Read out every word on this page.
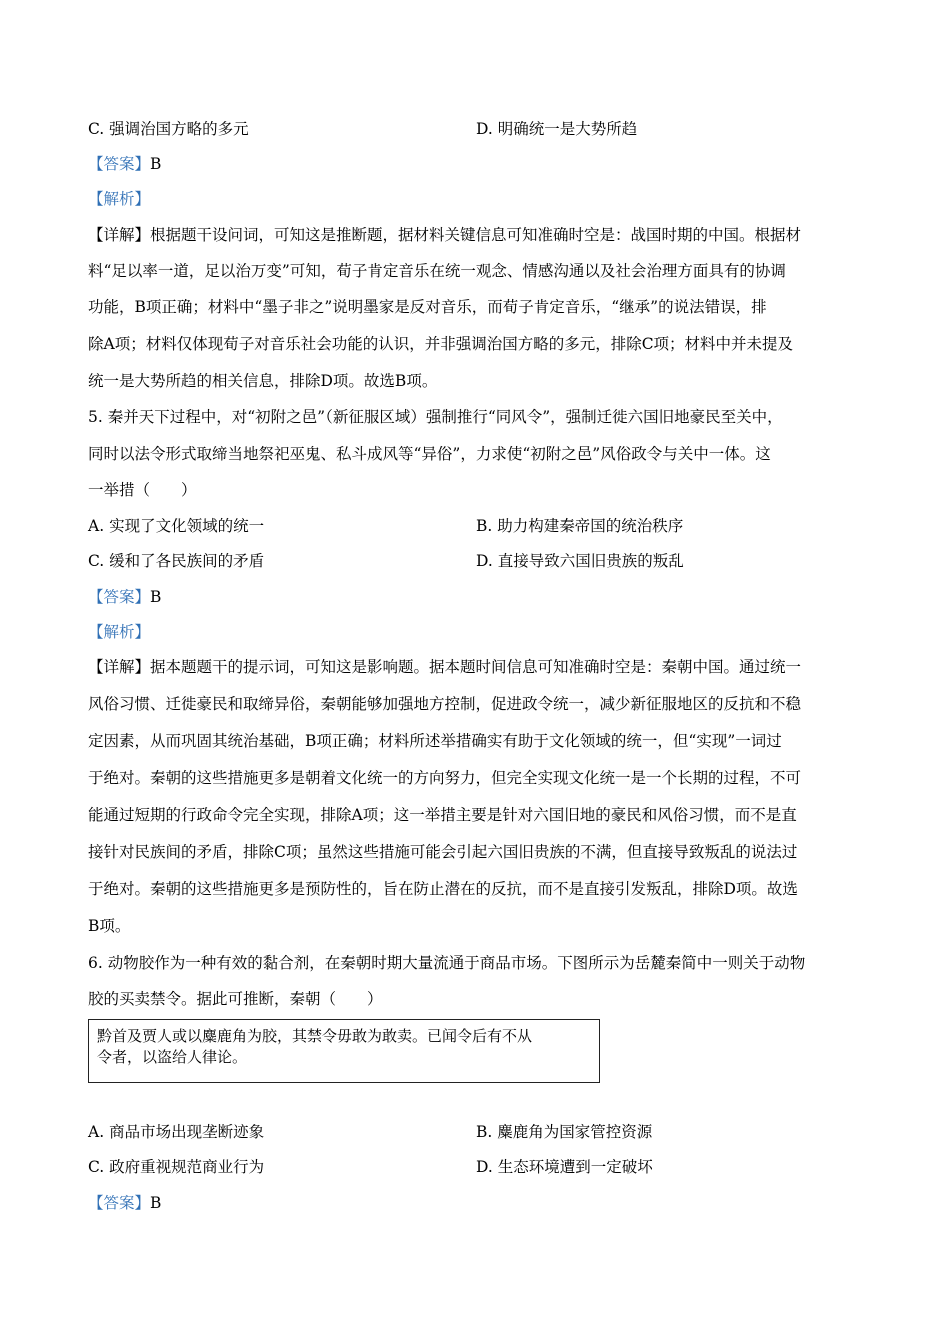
C. 强调治国方略的多元	D. 明确统一是大势所趋
【答案】B
【解析】
【详解】根据题干设问词，可知这是推断题，据材料关键信息可知准确时空是：战国时期的中国。根据材
料“足以率一道，足以治万变”可知，荀子肯定音乐在统一观念、情感沟通以及社会治理方面具有的协调
功能，B项正确；材料中“墨子非之”说明墨家是反对音乐，而荀子肯定音乐，“继承”的说法错误，排
除A项；材料仅体现荀子对音乐社会功能的认识，并非强调治国方略的多元，排除C项；材料中并未提及
统一是大势所趋的相关信息，排除D项。故选B项。
5. 秦并天下过程中，对“初附之邑”（新征服区域）强制推行“同风令”，强制迁徙六国旧地豪民至关中，
同时以法令形式取缔当地祭祀巫鬼、私斗成风等“异俗”，力求使“初附之邑”风俗政令与关中一体。这
一举措（　　）
A. 实现了文化领域的统一	B. 助力构建秦帝国的统治秩序
C. 缓和了各民族间的矛盾	D. 直接导致六国旧贵族的叛乱
【答案】B
【解析】
【详解】据本题题干的提示词，可知这是影响题。据本题时间信息可知准确时空是：秦朝中国。通过统一
风俗习惯、迁徙豪民和取缔异俗，秦朝能够加强地方控制，促进政令统一，减少新征服地区的反抗和不稳
定因素，从而巩固其统治基础，B项正确；材料所述举措确实有助于文化领域的统一，但“实现”一词过
于绝对。秦朝的这些措施更多是朝着文化统一的方向努力，但完全实现文化统一是一个长期的过程，不可
能通过短期的行政命令完全实现，排除A项；这一举措主要是针对六国旧地的豪民和风俗习惯，而不是直
接针对民族间的矛盾，排除C项；虽然这些措施可能会引起六国旧贵族的不满，但直接导致叛乱的说法过
于绝对。秦朝的这些措施更多是预防性的，旨在防止潜在的反抗，而不是直接引发叛乱，排除D项。故选
B项。
6. 动物胶作为一种有效的黏合剂，在秦朝时期大量流通于商品市场。下图所示为岳麓秦简中一则关于动物
胶的买卖禁令。据此可推断，秦朝（　　）
黔首及贾人或以麋鹿角为胶，其禁令毋敢为敢卖。已闻令后有不从
令者，以盗给人律论。
A. 商品市场出现垄断迹象	B. 麋鹿角为国家管控资源
C. 政府重视规范商业行为	D. 生态环境遭到一定破坏
【答案】B
